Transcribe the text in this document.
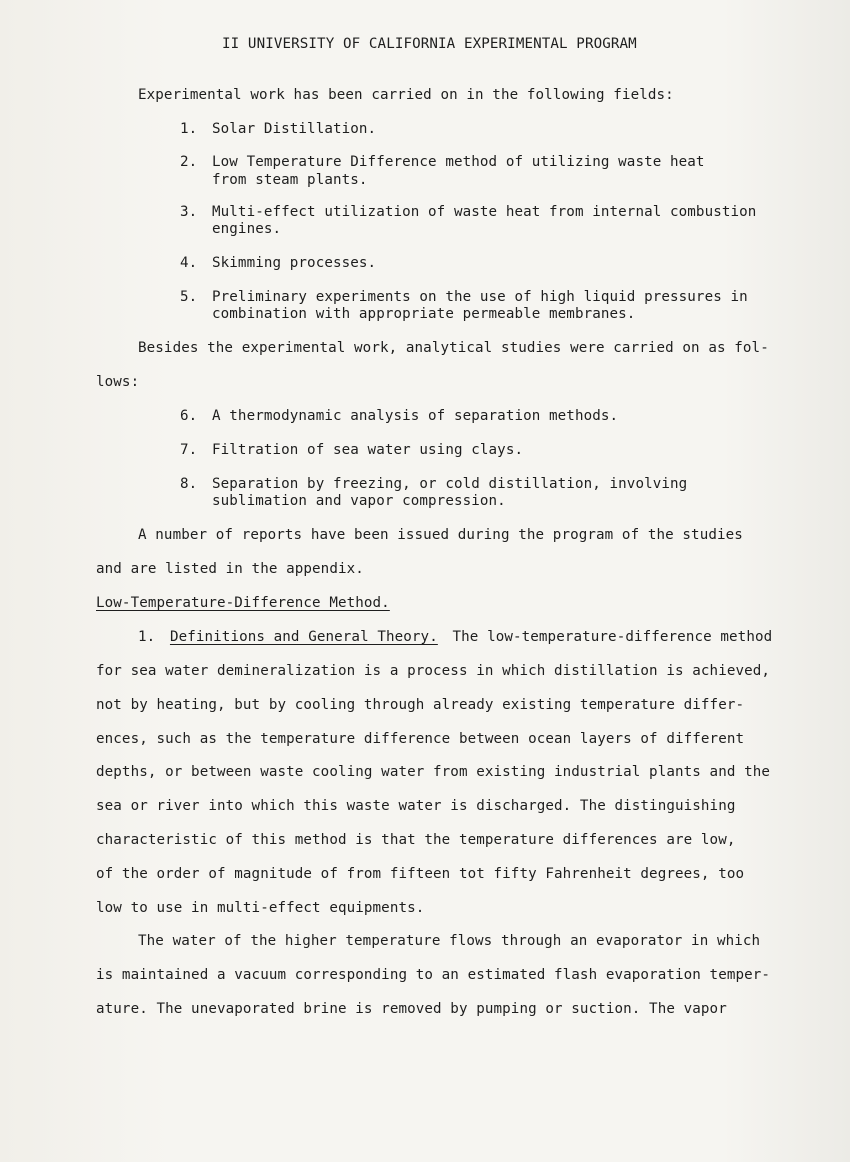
II UNIVERSITY OF CALIFORNIA EXPERIMENTAL PROGRAM
Experimental work has been carried on in the following fields:
1. Solar Distillation.
2. Low Temperature Difference method of utilizing waste heat
from steam plants.
3. Multi-effect utilization of waste heat from internal combustion
engines.
4. Skimming processes.
5. Preliminary experiments on the use of high liquid pressures in
combination with appropriate permeable membranes.
Besides the experimental work, analytical studies were carried on as fol-
lows:
6. A thermodynamic analysis of separation methods.
7. Filtration of sea water using clays.
8. Separation by freezing, or cold distillation, involving
sublimation and vapor compression.
A number of reports have been issued during the program of the studies
and are listed in the appendix.
Low-Temperature-Difference Method.
1. Definitions and General Theory. The low-temperature-difference method
for sea water demineralization is a process in which distillation is achieved,
not by heating, but by cooling through already existing temperature differ-
ences, such as the temperature difference between ocean layers of different
depths, or between waste cooling water from existing industrial plants and the
sea or river into which this waste water is discharged. The distinguishing
characteristic of this method is that the temperature differences are low,
of the order of magnitude of from fifteen tot fifty Fahrenheit degrees, too
low to use in multi-effect equipments.
The water of the higher temperature flows through an evaporator in which
is maintained a vacuum corresponding to an estimated flash evaporation temper-
ature. The unevaporated brine is removed by pumping or suction. The vapor
